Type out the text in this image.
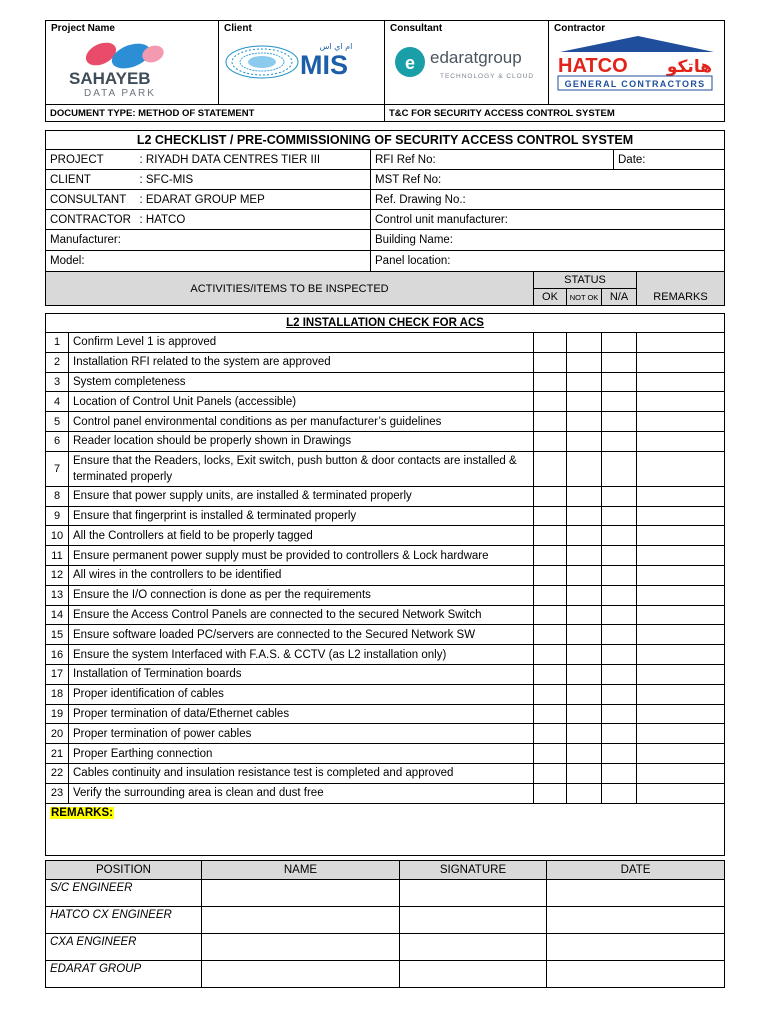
Project Name
SAHAYEB
DATA PARK	Client
ام اي اس
MIS	Consultant
e edaratgroup
TECHNOLOGY & CLOUD	Contractor
HATCO هاتكو
GENERAL CONTRACTORS

DOCUMENT TYPE: METHOD OF STATEMENT		T&C FOR SECURITY ACCESS CONTROL SYSTEM	
L2 CHECKLIST / PRE-COMMISSIONING OF SECURITY ACCESS CONTROL SYSTEM			
PROJECT	: RIYADH DATA CENTRES TIER III	RFI Ref No:	Date:
CLIENT	: SFC-MIS	MST Ref No:	
CONSULTANT	: EDARAT GROUP MEP	Ref. Drawing No.:	
CONTRACTOR	: HATCO	Control unit manufacturer:	
Manufacturer:		Building Name:	
Model:		Panel location:	
ACTIVITIES/ITEMS TO BE INSPECTED	STATUS			REMARKS
	OK	NOT OK	N/A	
L2 INSTALLATION CHECK FOR ACS					
1	Confirm Level 1 is approved				
2	Installation RFI related to the system are approved				
3	System completeness				
4	Location of Control Unit Panels (accessible)				
5	Control panel environmental conditions as per manufacturer’s guidelines				
6	Reader location should be properly shown in Drawings				
7	Ensure that the Readers, locks, Exit switch, push button & door contacts are installed & terminated properly				
8	Ensure that power supply units, are installed & terminated properly				
9	Ensure that fingerprint is installed & terminated properly				
10	All the Controllers at field to be properly tagged				
11	Ensure permanent power supply must be provided to controllers & Lock hardware				
12	All wires in the controllers to be identified				
13	Ensure the I/O connection is done as per the requirements				
14	Ensure the Access Control Panels are connected to the secured Network Switch				
15	Ensure software loaded PC/servers are connected to the Secured Network SW				
16	Ensure the system Interfaced with F.A.S. & CCTV (as L2 installation only)				
17	Installation of Termination boards				
18	Proper identification of cables				
19	Proper termination of data/Ethernet cables				
20	Proper termination of power cables				
21	Proper Earthing connection				
22	Cables continuity and insulation resistance test is completed and approved				
23	Verify the surrounding area is clean and dust free				
REMARKS:					
POSITION	NAME	SIGNATURE	DATE
S/C ENGINEER			
HATCO CX ENGINEER			
CXA ENGINEER			
EDARAT GROUP			
